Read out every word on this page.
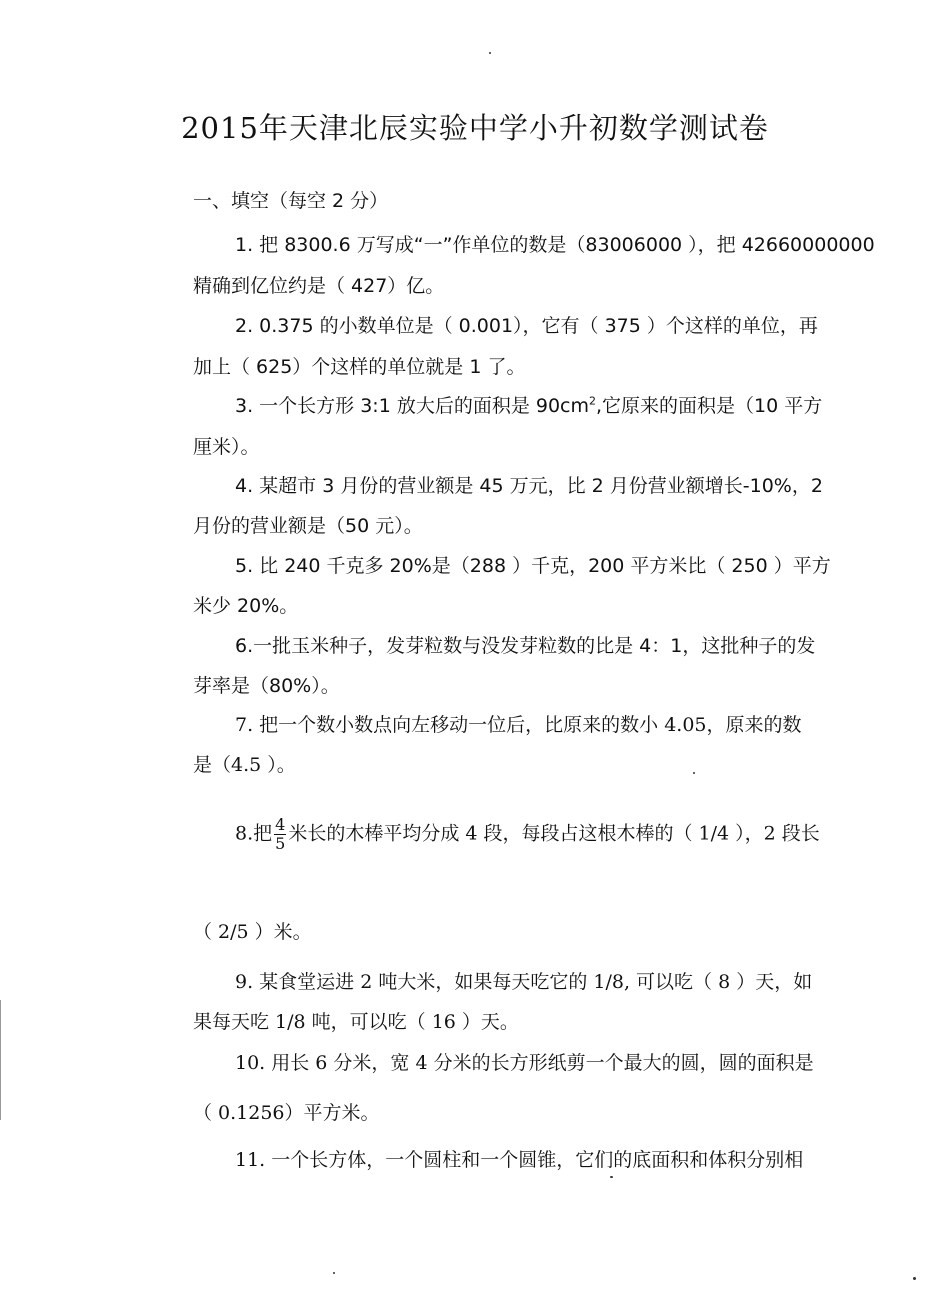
2015年天津北辰实验中学小升初数学测试卷
一、填空（每空 2 分）
1. 把 8300.6 万写成“一”作单位的数是（83006000 ），把 42660000000
精确到亿位约是（ 427）亿。
2. 0.375 的小数单位是（ 0.001），它有（ 375 ）个这样的单位，再
加上（ 625）个这样的单位就是 1 了。
3. 一个长方形 3:1 放大后的面积是 $90cm^2$,它原来的面积是（10 平方
厘米）。
4. 某超市 3 月份的营业额是 45 万元，比 2 月份营业额增长-10%，2
月份的营业额是（50 元）。
5. 比 240 千克多 20%是（288 ）千克，200 平方米比（ 250 ）平方
米少 20%。
6.一批玉米种子，发芽粒数与没发芽粒数的比是 4：1，这批种子的发
芽率是（80%）。
7. 把一个数小数点向左移动一位后，比原来的数小 4.05，原来的数
是（4.5 ）。
8.把 $\frac{4}{5}$ 米长的木棒平均分成 4 段，每段占这根木棒的（ 1/4 ），2 段长
（ 2/5 ）米。
9. 某食堂运进 2 吨大米，如果每天吃它的 1/8, 可以吃（ 8 ）天，如
果每天吃 1/8 吨，可以吃（ 16 ）天。
10. 用长 6 分米，宽 4 分米的长方形纸剪一个最大的圆，圆的面积是
（ 0.1256）平方米。
11. 一个长方体，一个圆柱和一个圆锥，它们的底面积和体积分别相
